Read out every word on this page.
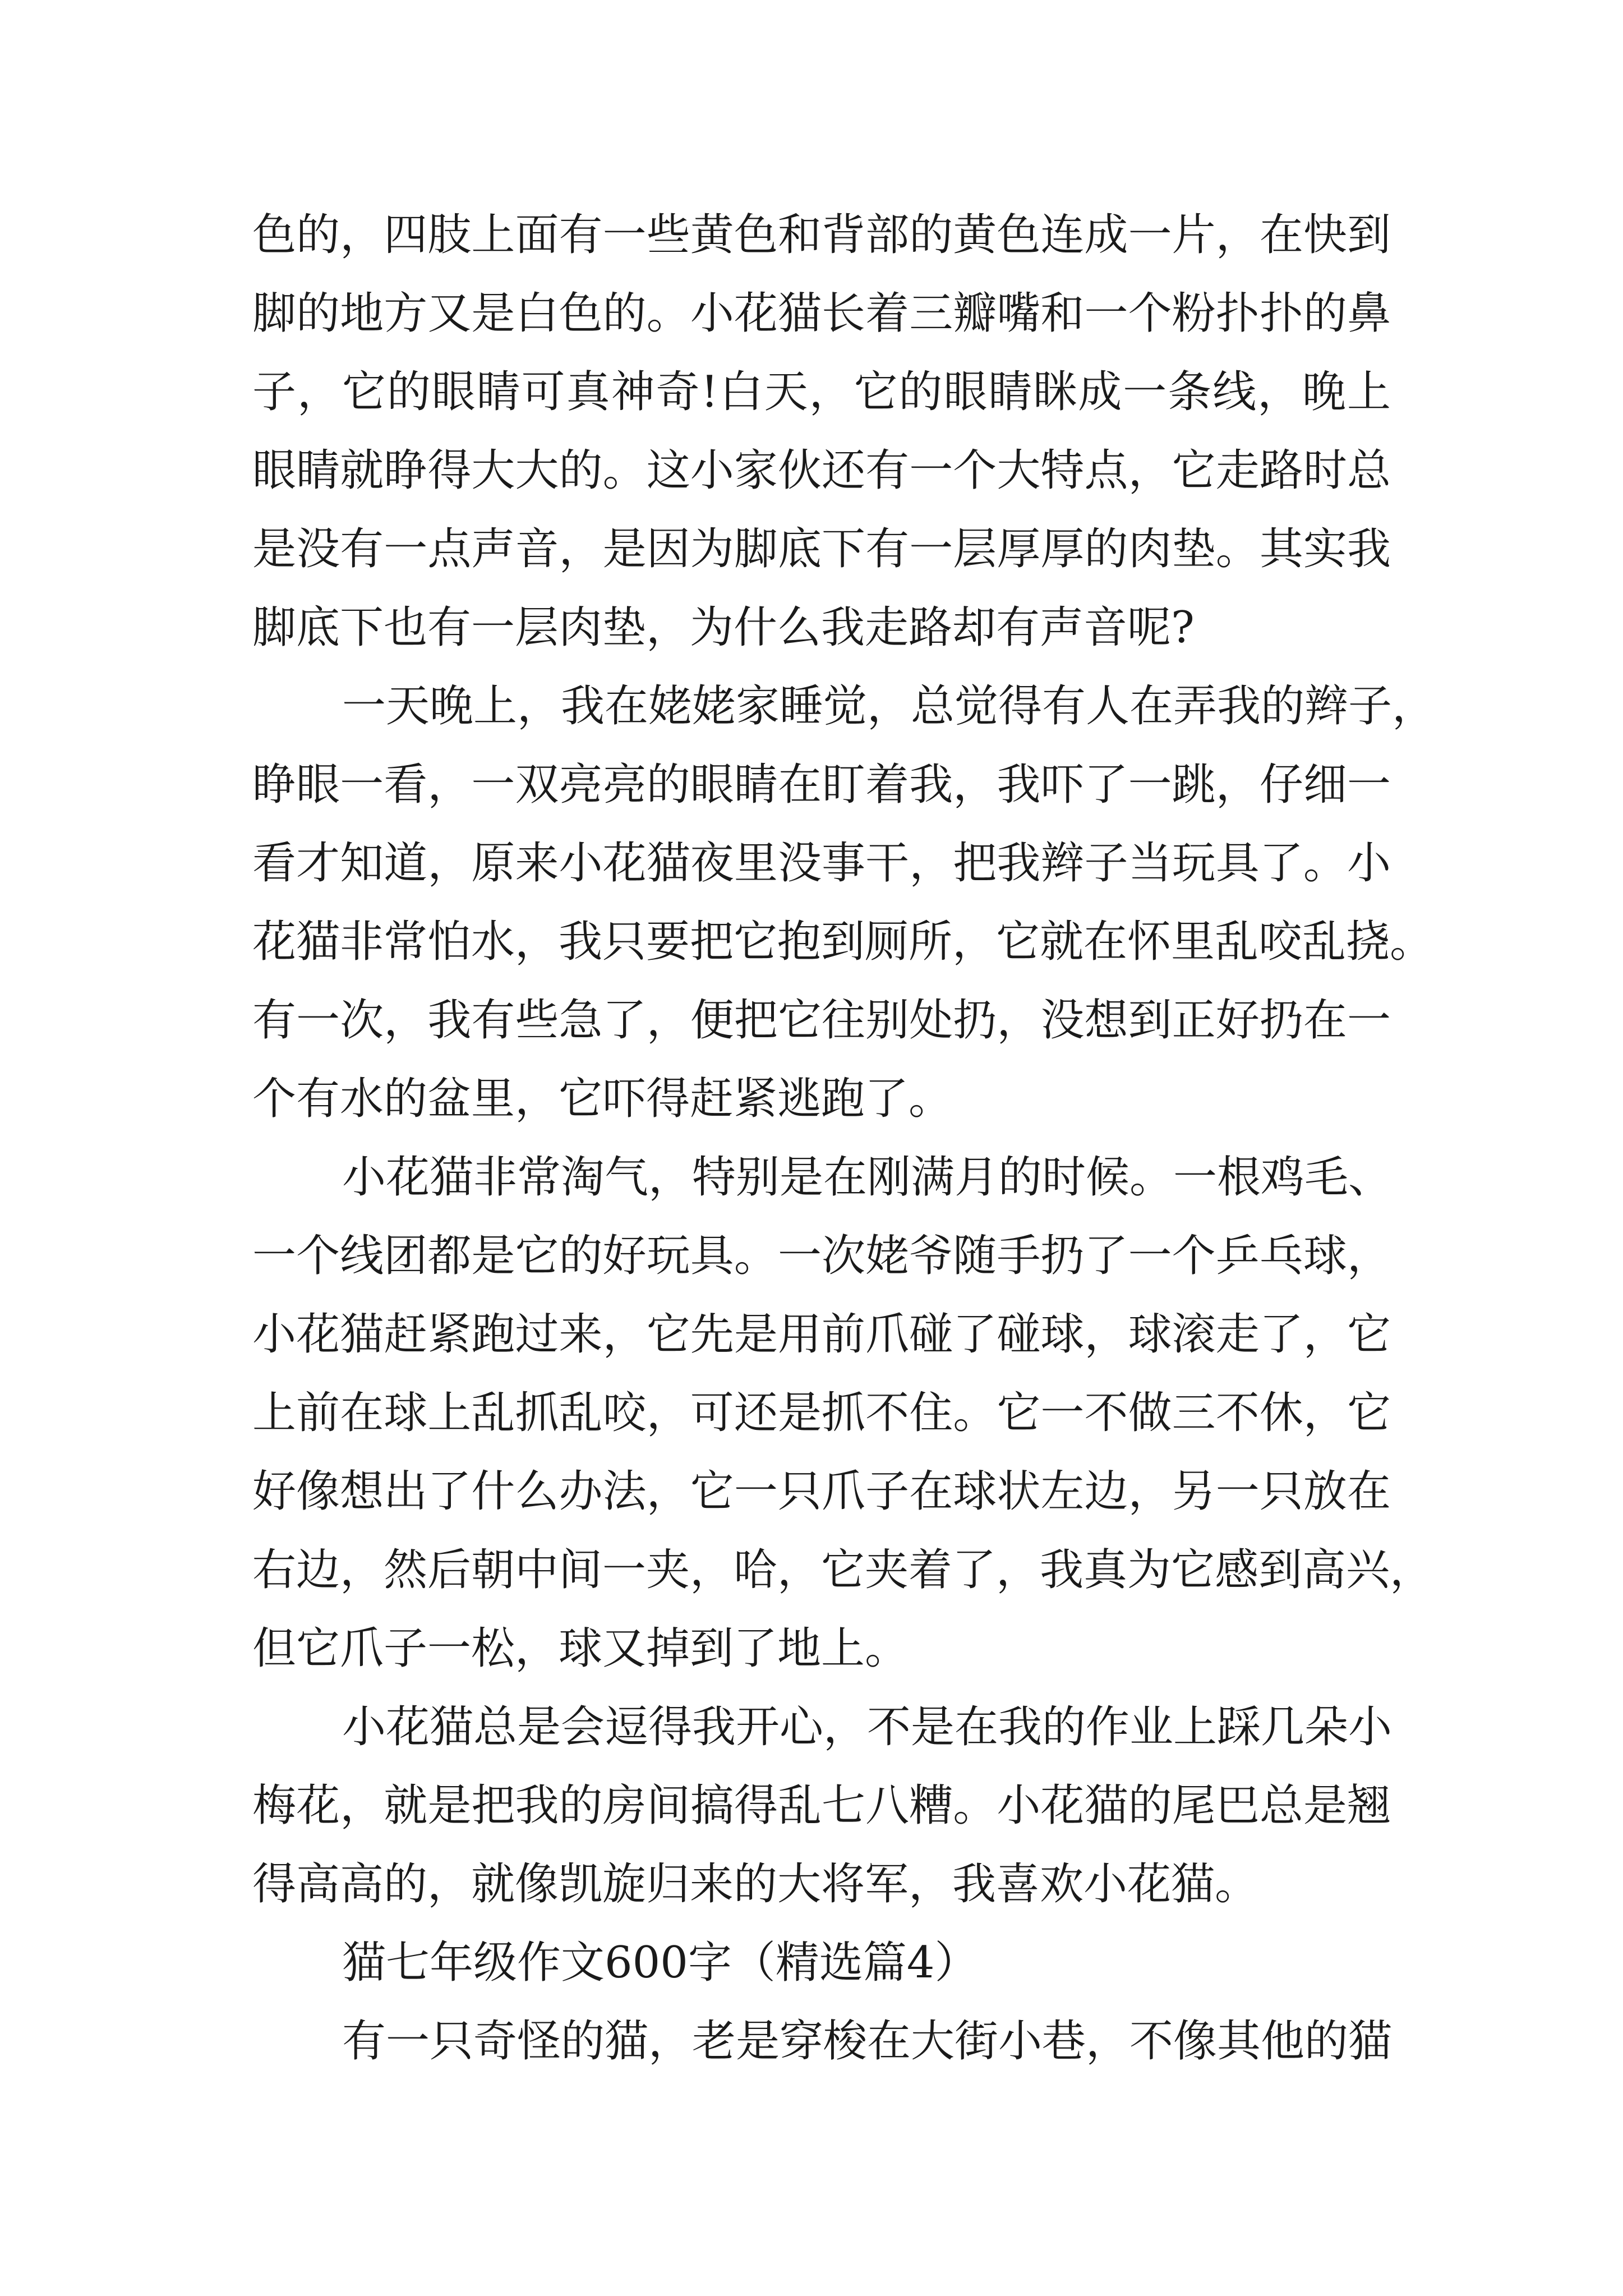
色的，四肢上面有一些黄色和背部的黄色连成一片，在快到
脚的地方又是白色的。小花猫长着三瓣嘴和一个粉扑扑的鼻
子，它的眼睛可真神奇!白天，它的眼睛眯成一条线，晚上
眼睛就睁得大大的。这小家伙还有一个大特点，它走路时总
是没有一点声音，是因为脚底下有一层厚厚的肉垫。其实我
脚底下也有一层肉垫，为什么我走路却有声音呢?
一天晚上，我在姥姥家睡觉，总觉得有人在弄我的辫子，
睁眼一看，一双亮亮的眼睛在盯着我，我吓了一跳，仔细一
看才知道，原来小花猫夜里没事干，把我辫子当玩具了。小
花猫非常怕水，我只要把它抱到厕所，它就在怀里乱咬乱挠。
有一次，我有些急了，便把它往别处扔，没想到正好扔在一
个有水的盆里，它吓得赶紧逃跑了。
小花猫非常淘气，特别是在刚满月的时候。一根鸡毛、
一个线团都是它的好玩具。一次姥爷随手扔了一个乒乓球，
小花猫赶紧跑过来，它先是用前爪碰了碰球，球滚走了，它
上前在球上乱抓乱咬，可还是抓不住。它一不做三不休，它
好像想出了什么办法，它一只爪子在球状左边，另一只放在
右边，然后朝中间一夹，哈，它夹着了，我真为它感到高兴，
但它爪子一松，球又掉到了地上。
小花猫总是会逗得我开心，不是在我的作业上踩几朵小
梅花，就是把我的房间搞得乱七八糟。小花猫的尾巴总是翘
得高高的，就像凯旋归来的大将军，我喜欢小花猫。
猫七年级作文600字（精选篇4）
有一只奇怪的猫，老是穿梭在大街小巷，不像其他的猫
